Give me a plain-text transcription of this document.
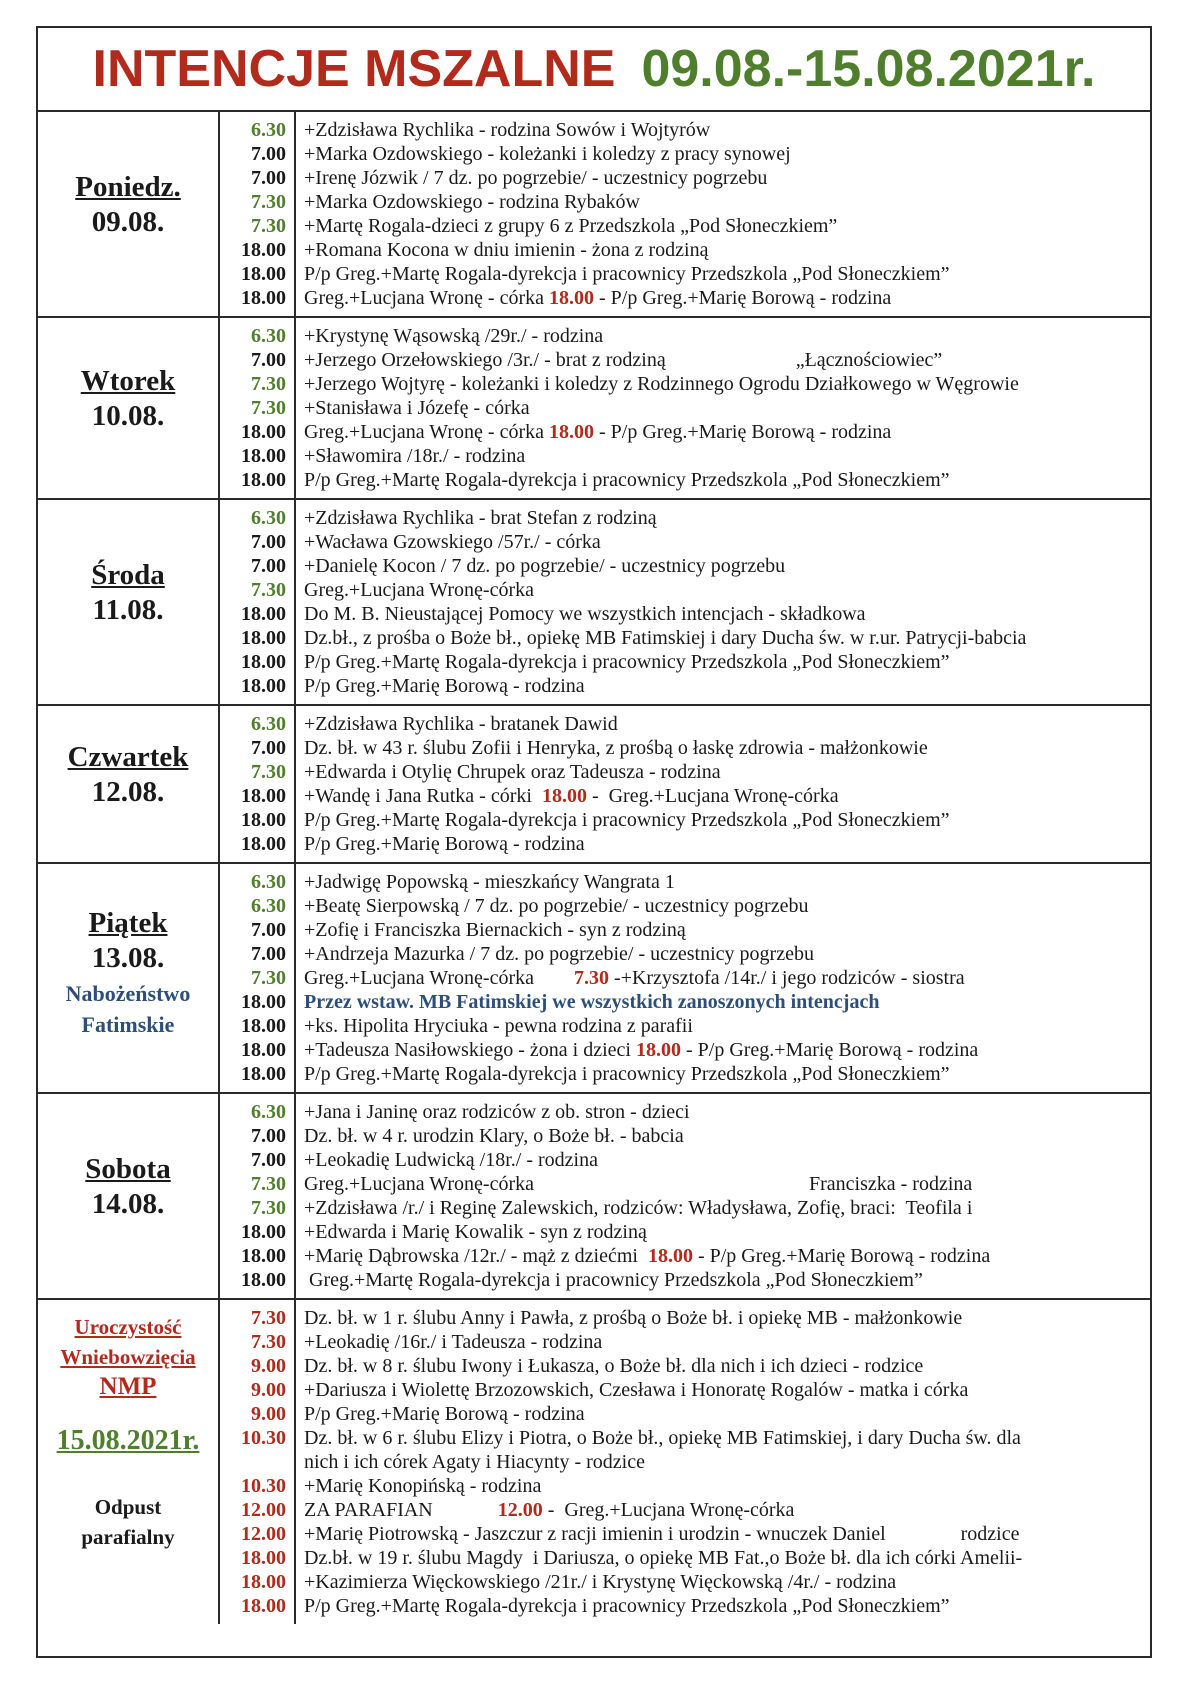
INTENCJE MSZALNE 09.08.-15.08.2021r.
Poniedz.
09.08.
6.30
7.00
7.00
7.30
7.30
18.00
18.00
18.00
+Zdzisława Rychlika - rodzina Sowów i Wojtyrów
+Marka Ozdowskiego - koleżanki i koledzy z pracy synowej
+Irenę Józwik / 7 dz. po pogrzebie/ - uczestnicy pogrzebu
+Marka Ozdowskiego - rodzina Rybaków
+Martę Rogala-dzieci z grupy 6 z Przedszkola „Pod Słoneczkiem”
+Romana Kocona w dniu imienin - żona z rodziną
P/p Greg.+Martę Rogala-dyrekcja i pracownicy Przedszkola „Pod Słoneczkiem”
Greg.+Lucjana Wronę - córka 18.00 - P/p Greg.+Marię Borową - rodzina
Wtorek
10.08.
6.30
7.00
7.30
7.30
18.00
18.00
18.00
+Krystynę Wąsowską /29r./ - rodzina
+Jerzego Orzełowskiego /3r./ - brat z rodziną                          „Łącznościowiec”
+Jerzego Wojtyrę - koleżanki i koledzy z Rodzinnego Ogrodu Działkowego w Węgrowie
+Stanisława i Józefę - córka
Greg.+Lucjana Wronę - córka 18.00 - P/p Greg.+Marię Borową - rodzina
+Sławomira /18r./ - rodzina
P/p Greg.+Martę Rogala-dyrekcja i pracownicy Przedszkola „Pod Słoneczkiem”
Środa
11.08.
6.30
7.00
7.00
7.30
18.00
18.00
18.00
18.00
+Zdzisława Rychlika - brat Stefan z rodziną
+Wacława Gzowskiego /57r./ - córka
+Danielę Kocon / 7 dz. po pogrzebie/ - uczestnicy pogrzebu
Greg.+Lucjana Wronę-córka
Do M. B. Nieustającej Pomocy we wszystkich intencjach - składkowa
Dz.bł., z prośba o Boże bł., opiekę MB Fatimskiej i dary Ducha św. w r.ur. Patrycji-babcia
P/p Greg.+Martę Rogala-dyrekcja i pracownicy Przedszkola „Pod Słoneczkiem”
P/p Greg.+Marię Borową - rodzina
Czwartek
12.08.
6.30
7.00
7.30
18.00
18.00
18.00
+Zdzisława Rychlika - bratanek Dawid
Dz. bł. w 43 r. ślubu Zofii i Henryka, z prośbą o łaskę zdrowia - małżonkowie
+Edwarda i Otylię Chrupek oraz Tadeusza - rodzina
+Wandę i Jana Rutka - córki  18.00 -  Greg.+Lucjana Wronę-córka
P/p Greg.+Martę Rogala-dyrekcja i pracownicy Przedszkola „Pod Słoneczkiem”
P/p Greg.+Marię Borową - rodzina
Piątek
13.08.
Nabożeństwo
Fatimskie
6.30
6.30
7.00
7.00
7.30
18.00
18.00
18.00
18.00
+Jadwigę Popowską - mieszkańcy Wangrata 1
+Beatę Sierpowską / 7 dz. po pogrzebie/ - uczestnicy pogrzebu
+Zofię i Franciszka Biernackich - syn z rodziną
+Andrzeja Mazurka / 7 dz. po pogrzebie/ - uczestnicy pogrzebu
Greg.+Lucjana Wronę-córka        7.30 -+Krzysztofa /14r./ i jego rodziców - siostra
Przez wstaw. MB Fatimskiej we wszystkich zanoszonych intencjach
+ks. Hipolita Hryciuka - pewna rodzina z parafii
+Tadeusza Nasiłowskiego - żona i dzieci 18.00 - P/p Greg.+Marię Borową - rodzina
P/p Greg.+Martę Rogala-dyrekcja i pracownicy Przedszkola „Pod Słoneczkiem”
Sobota
14.08.
6.30
7.00
7.00
7.30
7.30
18.00
18.00
18.00
+Jana i Janinę oraz rodziców z ob. stron - dzieci
Dz. bł. w 4 r. urodzin Klary, o Boże bł. - babcia
+Leokadię Ludwicką /18r./ - rodzina
Greg.+Lucjana Wronę-córka                                                       Franciszka - rodzina
+Zdzisława /r./ i Reginę Zalewskich, rodziców: Władysława, Zofię, braci:  Teofila i
+Edwarda i Marię Kowalik - syn z rodziną
+Marię Dąbrowska /12r./ - mąż z dziećmi  18.00 - P/p Greg.+Marię Borową - rodzina
Greg.+Martę Rogala-dyrekcja i pracownicy Przedszkola „Pod Słoneczkiem”
Uroczystość
Wniebowzięcia
NMP
15.08.2021r.
Odpust
parafialny
7.30
7.30
9.00
9.00
9.00
10.30
10.30
12.00
12.00
18.00
18.00
18.00
Dz. bł. w 1 r. ślubu Anny i Pawła, z prośbą o Boże bł. i opiekę MB - małżonkowie
+Leokadię /16r./ i Tadeusza - rodzina
Dz. bł. w 8 r. ślubu Iwony i Łukasza, o Boże bł. dla nich i ich dzieci - rodzice
+Dariusza i Wiolettę Brzozowskich, Czesława i Honoratę Rogalów - matka i córka
P/p Greg.+Marię Borową - rodzina
Dz. bł. w 6 r. ślubu Elizy i Piotra, o Boże bł., opiekę MB Fatimskiej, i dary Ducha św. dla
nich i ich córek Agaty i Hiacynty - rodzice
+Marię Konopińską - rodzina
ZA PARAFIAN             12.00 -  Greg.+Lucjana Wronę-córka
+Marię Piotrowską - Jaszczur z racji imienin i urodzin - wnuczek Daniel               rodzice
Dz.bł. w 19 r. ślubu Magdy  i Dariusza, o opiekę MB Fat.,o Boże bł. dla ich córki Amelii-
+Kazimierza Więckowskiego /21r./ i Krystynę Więckowską /4r./ - rodzina
P/p Greg.+Martę Rogala-dyrekcja i pracownicy Przedszkola „Pod Słoneczkiem”
